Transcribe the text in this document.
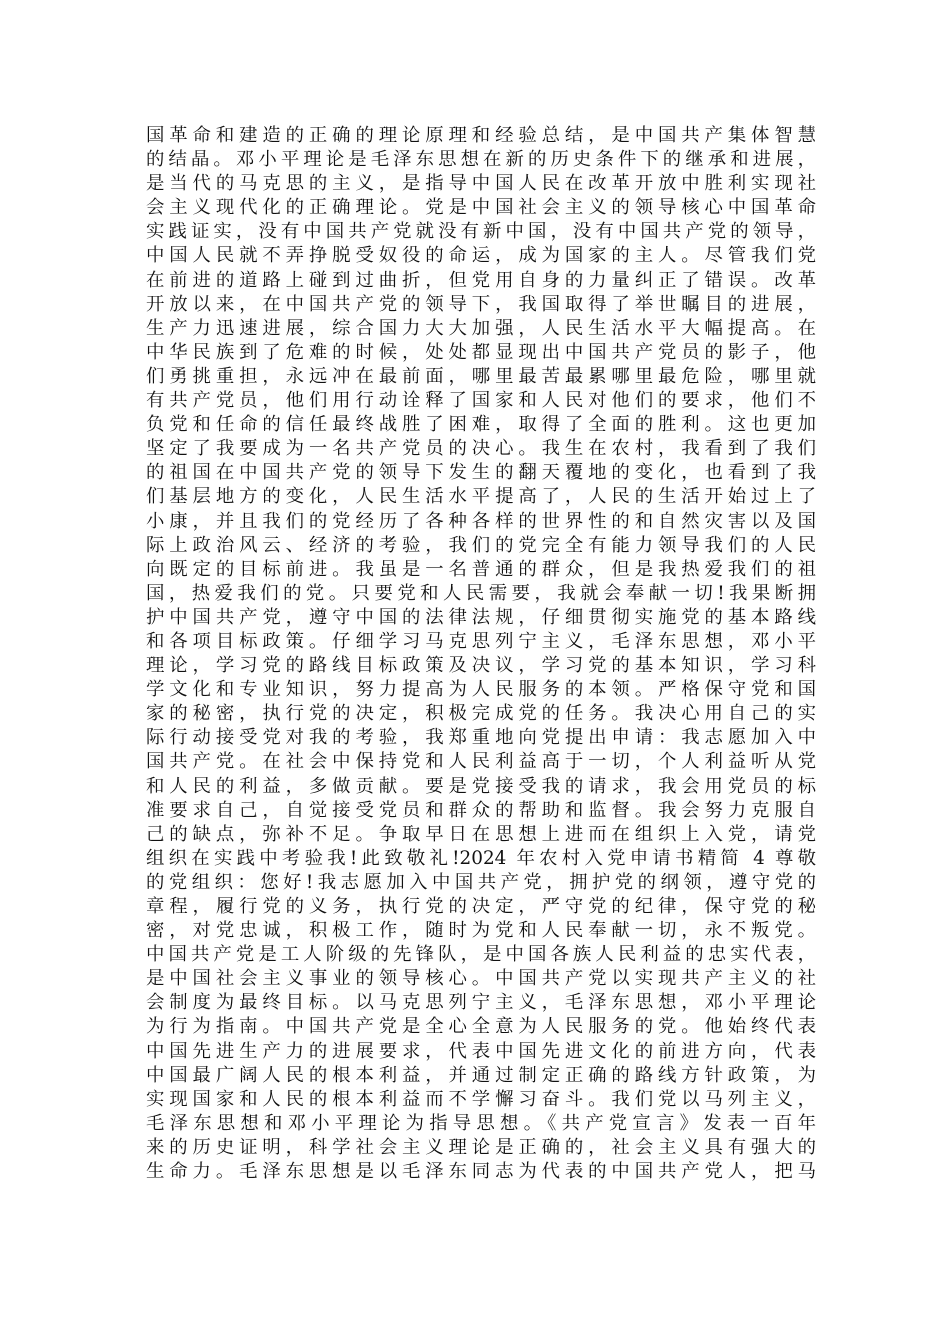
国革命和建造的正确的理论原理和经验总结，是中国共产集体智慧
的结晶。邓小平理论是毛泽东思想在新的历史条件下的继承和进展，
是当代的马克思的主义，是指导中国人民在改革开放中胜利实现社
会主义现代化的正确理论。党是中国社会主义的领导核心中国革命
实践证实，没有中国共产党就没有新中国，没有中国共产党的领导，
中国人民就不弄挣脱受奴役的命运，成为国家的主人。尽管我们党
在前进的道路上碰到过曲折，但党用自身的力量纠正了错误。改革
开放以来，在中国共产党的领导下，我国取得了举世瞩目的进展，
生产力迅速进展，综合国力大大加强，人民生活水平大幅提高。在
中华民族到了危难的时候，处处都显现出中国共产党员的影子，他
们勇挑重担，永远冲在最前面，哪里最苦最累哪里最危险，哪里就
有共产党员，他们用行动诠释了国家和人民对他们的要求，他们不
负党和任命的信任最终战胜了困难，取得了全面的胜利。这也更加
坚定了我要成为一名共产党员的决心。我生在农村，我看到了我们
的祖国在中国共产党的领导下发生的翻天覆地的变化，也看到了我
们基层地方的变化，人民生活水平提高了，人民的生活开始过上了
小康，并且我们的党经历了各种各样的世界性的和自然灾害以及国
际上政治风云、经济的考验，我们的党完全有能力领导我们的人民
向既定的目标前进。我虽是一名普通的群众，但是我热爱我们的祖
国，热爱我们的党。只要党和人民需要，我就会奉献一切!我果断拥
护中国共产党，遵守中国的法律法规，仔细贯彻实施党的基本路线
和各项目标政策。仔细学习马克思列宁主义，毛泽东思想，邓小平
理论，学习党的路线目标政策及决议，学习党的基本知识，学习科
学文化和专业知识，努力提高为人民服务的本领。严格保守党和国
家的秘密，执行党的决定，积极完成党的任务。我决心用自己的实
际行动接受党对我的考验，我郑重地向党提出申请：我志愿加入中
国共产党。在社会中保持党和人民利益高于一切，个人利益听从党
和人民的利益，多做贡献。要是党接受我的请求，我会用党员的标
准要求自己，自觉接受党员和群众的帮助和监督。我会努力克服自
己的缺点，弥补不足。争取早日在思想上进而在组织上入党，请党
组织在实践中考验我!此致敬礼!2024 年农村入党申请书精简 4 尊敬
的党组织：您好!我志愿加入中国共产党，拥护党的纲领，遵守党的
章程，履行党的义务，执行党的决定，严守党的纪律，保守党的秘
密，对党忠诚，积极工作，随时为党和人民奉献一切，永不叛党。
中国共产党是工人阶级的先锋队，是中国各族人民利益的忠实代表，
是中国社会主义事业的领导核心。中国共产党以实现共产主义的社
会制度为最终目标。以马克思列宁主义，毛泽东思想，邓小平理论
为行为指南。中国共产党是全心全意为人民服务的党。他始终代表
中国先进生产力的进展要求，代表中国先进文化的前进方向，代表
中国最广阔人民的根本利益，并通过制定正确的路线方针政策，为
实现国家和人民的根本利益而不学懈习奋斗。我们党以马列主义，
毛泽东思想和邓小平理论为指导思想。《共产党宣言》发表一百年
来的历史证明，科学社会主义理论是正确的，社会主义具有强大的
生命力。毛泽东思想是以毛泽东同志为代表的中国共产党人，把马
